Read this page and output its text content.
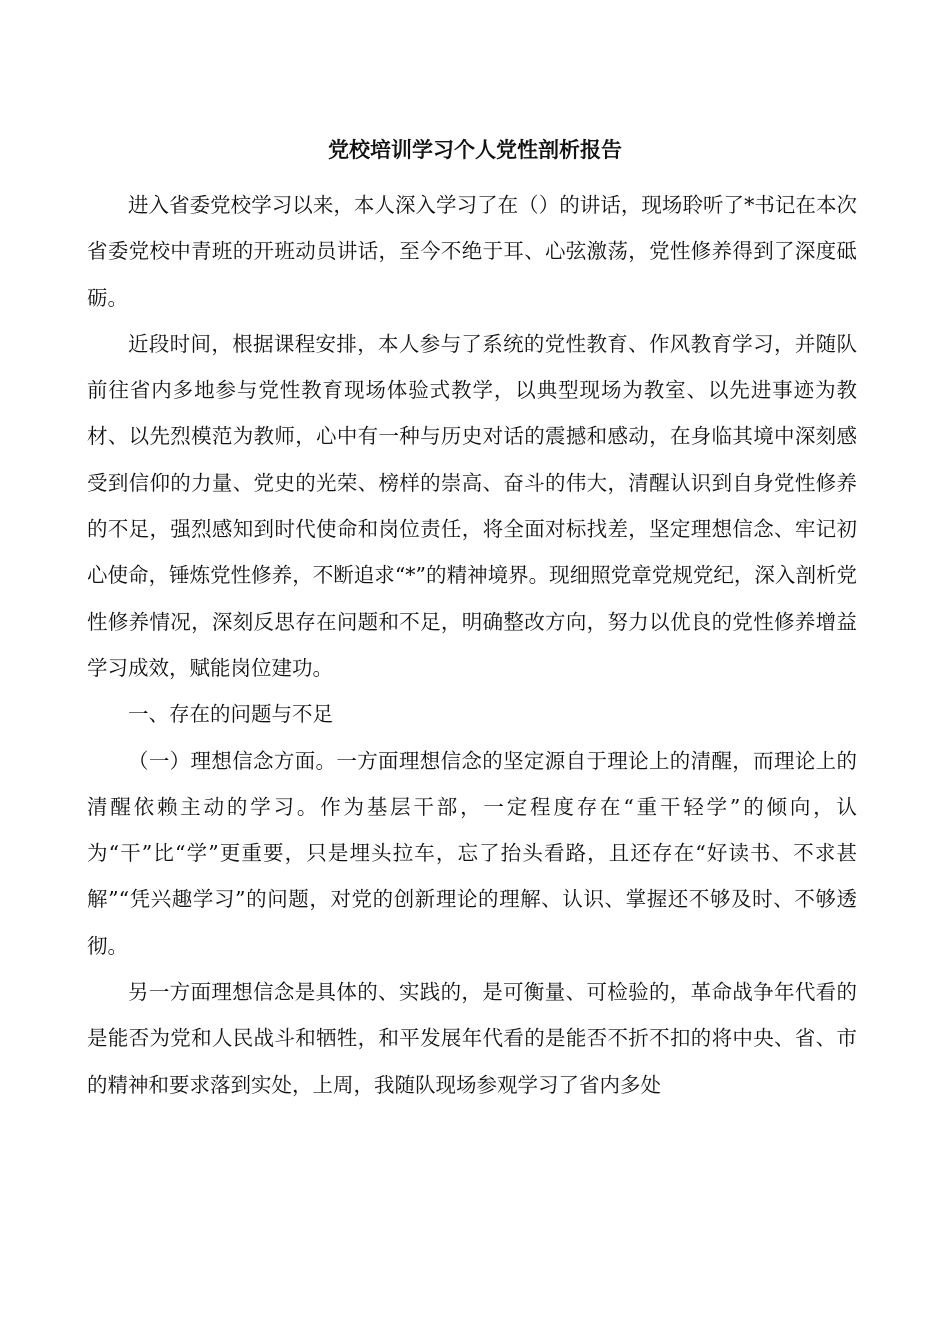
党校培训学习个人党性剖析报告

进入省委党校学习以来，本人深入学习了在（）的讲话，现场聆听了*书记在本次省委党校中青班的开班动员讲话，至今不绝于耳、心弦激荡，党性修养得到了深度砥砺。

近段时间，根据课程安排，本人参与了系统的党性教育、作风教育学习，并随队前往省内多地参与党性教育现场体验式教学，以典型现场为教室、以先进事迹为教材、以先烈模范为教师，心中有一种与历史对话的震撼和感动，在身临其境中深刻感受到信仰的力量、党史的光荣、榜样的崇高、奋斗的伟大，清醒认识到自身党性修养的不足，强烈感知到时代使命和岗位责任，将全面对标找差，坚定理想信念、牢记初心使命，锤炼党性修养，不断追求“*”的精神境界。现细照党章党规党纪，深入剖析党性修养情况，深刻反思存在问题和不足，明确整改方向，努力以优良的党性修养增益学习成效，赋能岗位建功。

一、存在的问题与不足

（一）理想信念方面。一方面理想信念的坚定源自于理论上的清醒，而理论上的清醒依赖主动的学习。作为基层干部，一定程度存在“重干轻学”的倾向，认为“干”比“学”更重要，只是埋头拉车，忘了抬头看路，且还存在“好读书、不求甚解”“凭兴趣学习”的问题，对党的创新理论的理解、认识、掌握还不够及时、不够透彻。

另一方面理想信念是具体的、实践的，是可衡量、可检验的，革命战争年代看的是能否为党和人民战斗和牺牲，和平发展年代看的是能否不折不扣的将中央、省、市的精神和要求落到实处，上周，我随队现场参观学习了省内多处
